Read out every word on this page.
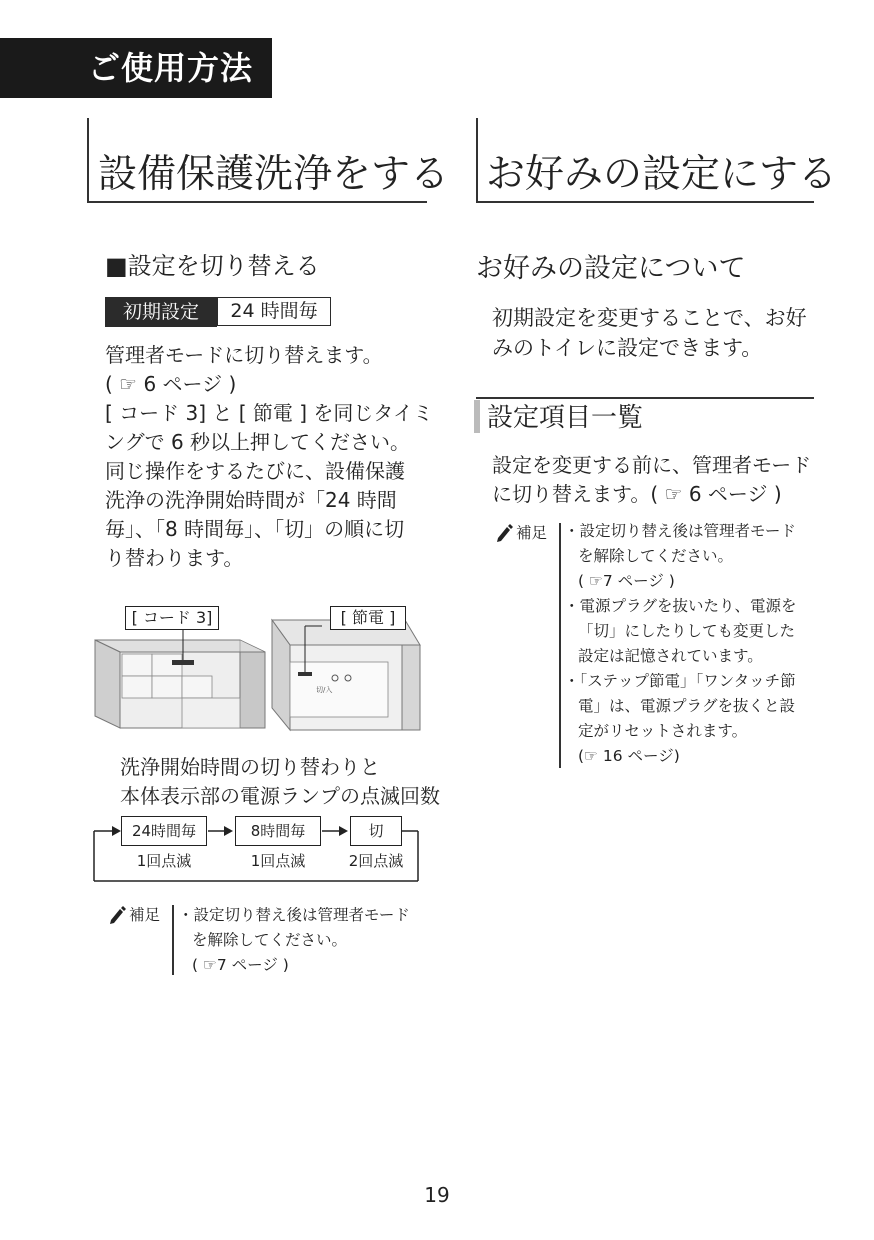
ご使用方法
設備保護洗浄をする
■設定を切り替える
初期設定	24 時間毎
管理者モードに切り替えます。
( ☞ 6 ページ )
[ コード 3] と [ 節電 ] を同じタイミ
ングで 6 秒以上押してください。
同じ操作をするたびに、設備保護
洗浄の洗浄開始時間が「24 時間
毎」、「8 時間毎」、「切」の順に切
り替わります。
切/入
[ コード 3]	[ 節電 ]
洗浄開始時間の切り替わりと
本体表示部の電源ランプの点滅回数
24時間毎	8時間毎	切
1回点滅	1回点滅	2回点滅
補足 ・設定切り替え後は管理者モード
を解除してください。
( ☞7 ページ )
お好みの設定にする
お好みの設定について
初期設定を変更することで、お好
みのトイレに設定できます。
設定項目一覧
設定を変更する前に、管理者モード
に切り替えます。( ☞ 6 ページ )
補足 ・設定切り替え後は管理者モード
を解除してください。
( ☞7 ページ )
・電源プラグを抜いたり、電源を
「切」にしたりしても変更した
設定は記憶されています。
・「ステップ節電」「ワンタッチ節
電」は、電源プラグを抜くと設
定がリセットされます。
(☞ 16 ページ)
19
